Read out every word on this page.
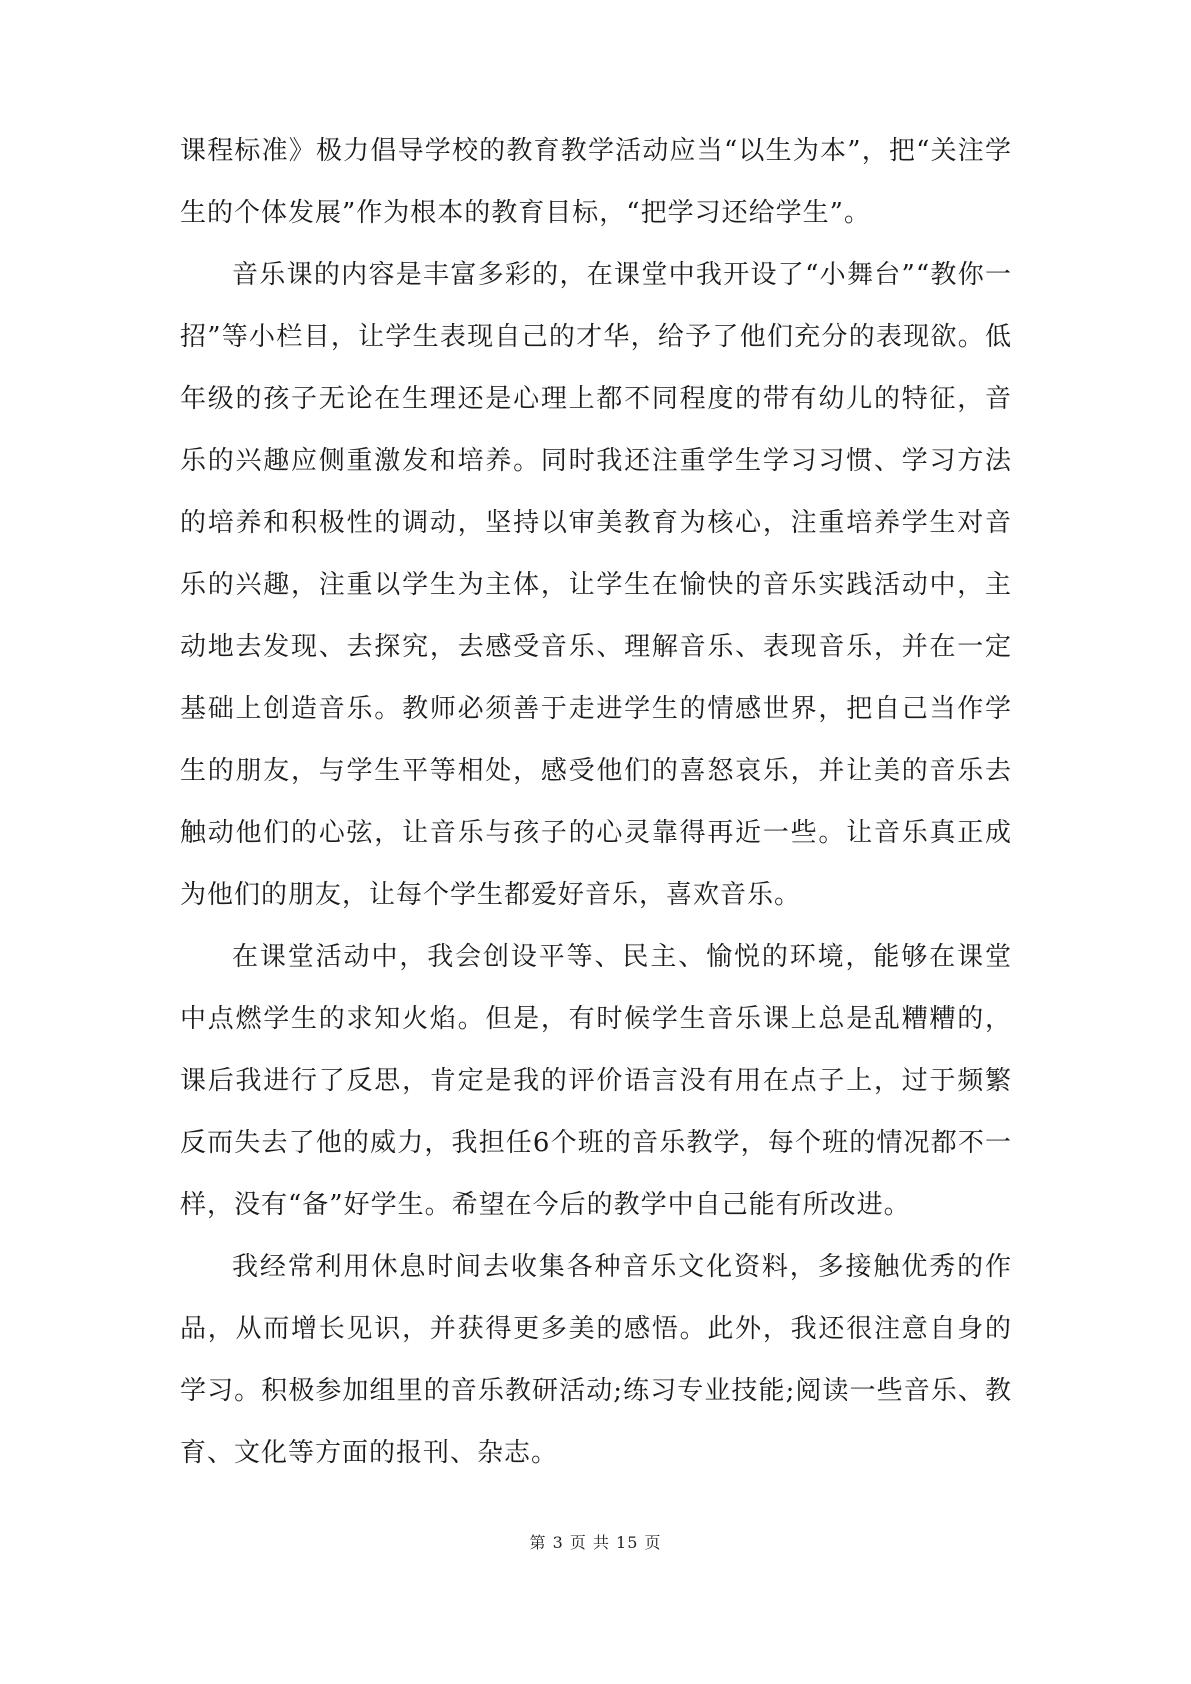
课程标准》极力倡导学校的教育教学活动应当“以生为本”，把“关注学生的个体发展”作为根本的教育目标，“把学习还给学生”。

音乐课的内容是丰富多彩的，在课堂中我开设了“小舞台”“教你一招”等小栏目，让学生表现自己的才华，给予了他们充分的表现欲。低年级的孩子无论在生理还是心理上都不同程度的带有幼儿的特征，音乐的兴趣应侧重激发和培养。同时我还注重学生学习习惯、学习方法的培养和积极性的调动，坚持以审美教育为核心，注重培养学生对音乐的兴趣，注重以学生为主体，让学生在愉快的音乐实践活动中，主动地去发现、去探究，去感受音乐、理解音乐、表现音乐，并在一定基础上创造音乐。教师必须善于走进学生的情感世界，把自己当作学生的朋友，与学生平等相处，感受他们的喜怒哀乐，并让美的音乐去触动他们的心弦，让音乐与孩子的心灵靠得再近一些。让音乐真正成为他们的朋友，让每个学生都爱好音乐，喜欢音乐。

在课堂活动中，我会创设平等、民主、愉悦的环境，能够在课堂中点燃学生的求知火焰。但是，有时候学生音乐课上总是乱糟糟的，课后我进行了反思，肯定是我的评价语言没有用在点子上，过于频繁反而失去了他的威力，我担任6个班的音乐教学，每个班的情况都不一样，没有“备”好学生。希望在今后的教学中自己能有所改进。

我经常利用休息时间去收集各种音乐文化资料，多接触优秀的作品，从而增长见识，并获得更多美的感悟。此外，我还很注意自身的学习。积极参加组里的音乐教研活动;练习专业技能;阅读一些音乐、教育、文化等方面的报刊、杂志。

第 3 页 共 15 页
